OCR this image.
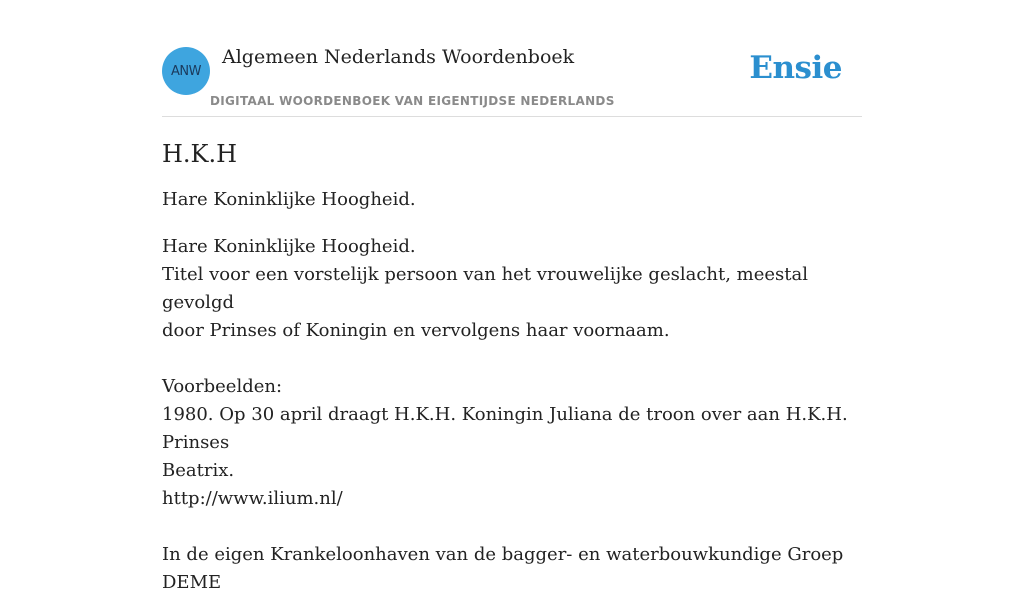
ANW
Algemeen Nederlands Woordenboek
DIGITAAL WOORDENBOEK VAN EIGENTIJDSE NEDERLANDS
Ensie
H.K.H

Hare Koninklijke Hoogheid.

Hare Koninklijke Hoogheid.
Titel voor een vorstelijk persoon van het vrouwelijke geslacht, meestal gevolgd
door Prinses of Koningin en vervolgens haar voornaam.
Voorbeelden:
1980. Op 30 april draagt H.K.H. Koningin Juliana de troon over aan H.K.H. Prinses
Beatrix.
http://www.ilium.nl/
In de eigen Krankeloonhaven van de bagger- en waterbouwkundige Groep DEME
